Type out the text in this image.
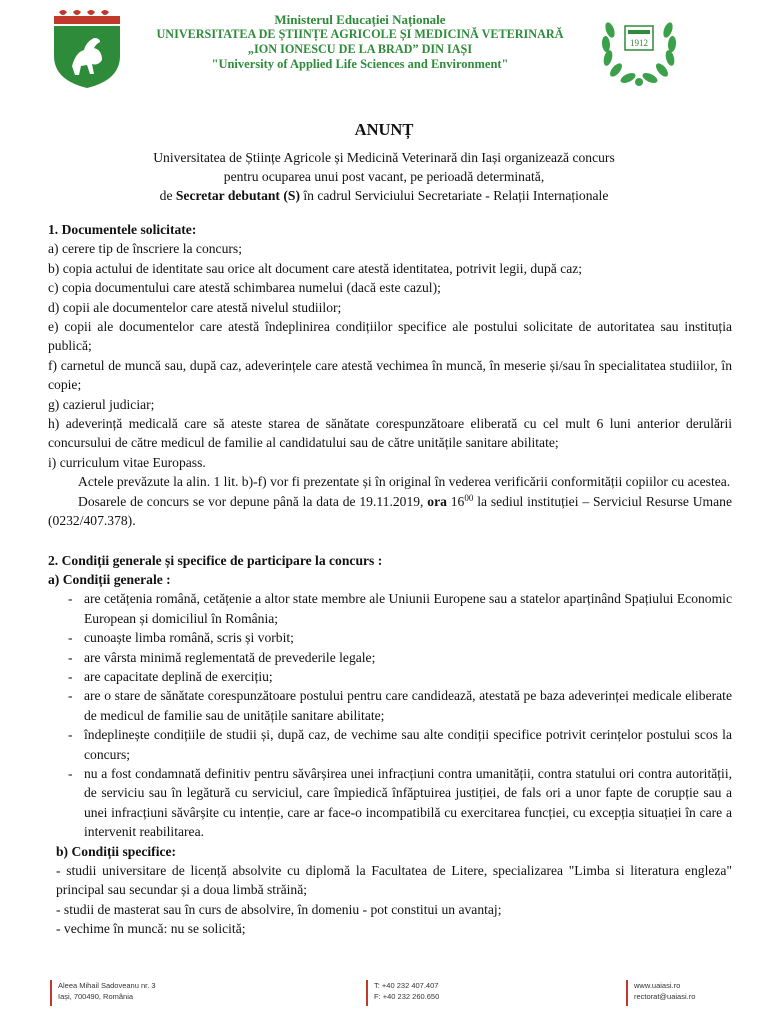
Ministerul Educației Naționale
UNIVERSITATEA DE ȘTIINȚE AGRICOLE ȘI MEDICINĂ VETERINARĂ
„ION IONESCU DE LA BRAD” DIN IAȘI
"University of Applied Life Sciences and Environment"
1912
ANUNȚ
Universitatea de Științe Agricole și Medicină Veterinară din Iași organizează concurs
pentru ocuparea unui post vacant, pe perioadă determinată,
de Secretar debutant (S) în cadrul Serviciului Secretariate - Relații Internaționale
1. Documentele solicitate:
a) cerere tip de înscriere la concurs;
b) copia actului de identitate sau orice alt document care atestă identitatea, potrivit legii, după caz;
c) copia documentului care atestă schimbarea numelui (dacă este cazul);
d) copii ale documentelor care atestă nivelul studiilor;
e) copii ale documentelor care atestă îndeplinirea condițiilor specifice ale postului solicitate de autoritatea sau instituția publică;
f) carnetul de muncă sau, după caz, adeverințele care atestă vechimea în muncă, în meserie și/sau în specialitatea studiilor, în copie;
g) cazierul judiciar;
h) adeverință medicală care să ateste starea de sănătate corespunzătoare eliberată cu cel mult 6 luni anterior derulării concursului de către medicul de familie al candidatului sau de către unitățile sanitare abilitate;
i) curriculum vitae Europass.
Actele prevăzute la alin. 1 lit. b)-f) vor fi prezentate și în original în vederea verificării conformității copiilor cu acestea.
Dosarele de concurs se vor depune până la data de 19.11.2019, ora $16^{00}$ la sediul instituției – Serviciul Resurse Umane (0232/407.378).
2. Condiții generale și specifice de participare la concurs :
a) Condiții generale :
- are cetățenia română, cetățenie a altor state membre ale Uniunii Europene sau a statelor aparținând Spațiului Economic European și domiciliul în România;
- cunoaște limba română, scris și vorbit;
- are vârsta minimă reglementată de prevederile legale;
- are capacitate deplină de exercițiu;
- are o stare de sănătate corespunzătoare postului pentru care candidează, atestată pe baza adeverinței medicale eliberate de medicul de familie sau de unitățile sanitare abilitate;
- îndeplinește condițiile de studii și, după caz, de vechime sau alte condiții specifice potrivit cerințelor postului scos la concurs;
- nu a fost condamnată definitiv pentru săvârșirea unei infracțiuni contra umanității, contra statului ori contra autorității, de serviciu sau în legătură cu serviciul, care împiedică înfăptuirea justiției, de fals ori a unor fapte de corupție sau a unei infracțiuni săvârșite cu intenție, care ar face-o incompatibilă cu exercitarea funcției, cu excepția situației în care a intervenit reabilitarea.
b) Condiții specifice:
- studii universitare de licență absolvite cu diplomă la Facultatea de Litere, specializarea "Limba si literatura engleza" principal sau secundar și a doua limbă străină;
- studii de masterat sau în curs de absolvire, în domeniu - pot constitui un avantaj;
- vechime în muncă: nu se solicită;
Aleea Mihail Sadoveanu nr. 3
Iași, 700490, România
T: +40 232 407.407
F: +40 232 260.650
www.uaiasi.ro
rectorat@uaiasi.ro
